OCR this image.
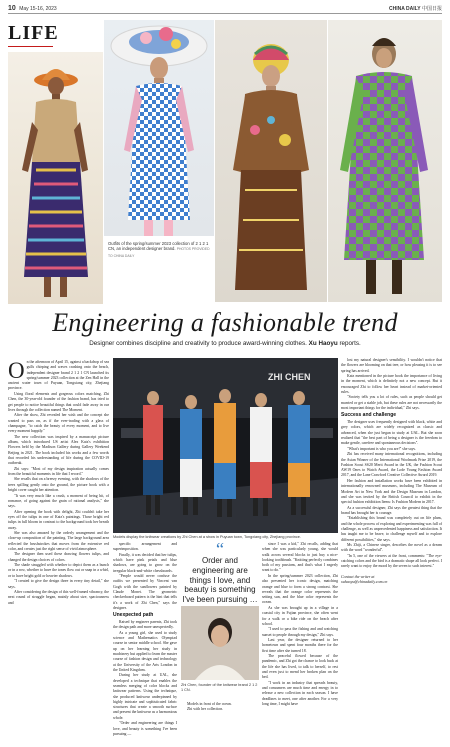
10 May 15-16, 2023	CHINA DAILY 中国日报
LIFE
Outfits of the spring/summer 2023 collection of 2 1 2 1 CN, an independent designer brand. PHOTOS PROVIDED TO CHINA DAILY
Engineering a fashionable trend
Designer combines discipline and creativity to produce award-winning clothes. Xu Haoyu reports.

On the afternoon of April 15, against a backdrop of sea gulls chirping and waves crashing onto the beach, independent designer brand 2 1 2 1 CN launched its spring/summer 2023 collection at the Zen Hall in the ancient water town of Puyuan, Tongxiang city, Zhejiang province.

Using floral elements and gorgeous colors matching, Zhi Chen, the 30-year-old founder of the fashion brand, has tried to get people to notice beautiful things that could fade away in our lives through the collection named The Moment.

After the show, Zhi revealed her wish and the concept she wanted to pass on, as if the ever-trading with a glass of champagne, "to catch the beauty of every moment, and to live every moment happily."

The new collection was inspired by a manuscript picture album, which introduced US artist Alex Katz's exhibition Flowers held by the Madison Gallery during Gallery Weekend Beijing in 2021. The book included his works and a few words that recorded his understanding of life during the COVID-19 outbreak.

Zhi says: "Most of my design inspiration actually comes from the beautiful moments in life that I record."

She recalls that on a breezy evening, with the shadows of the trees spilling gently onto the ground, the picture book with a bright cover caught her attention.

"It was very much like a crush, a moment of being hit, of romance, of going against the grain of rational analysis," she says.

After opening the book with delight, Zhi couldn't take her eyes off the tulips in one of Katz's paintings. Those bright red tulips in full bloom in contrast to the background took her breath away.

She was also amazed by the orderly arrangement and the close-up composition of the painting. The large background area reflected the brushstrokes that moves from the extensive red color, and creates just the right sense of vivid atmosphere.

The designer then used these drawing flowers tulips, and changed the design choices of colors.

The shade struggled with whether to depict them as a bunch or in a row, whether to have the tones flow out or snap in a whirl, or to have bright gold or heavier shadows.

"I created to give the design three in every tiny detail," she says.

After considering the design of this well-framed vibrancy, the next round of struggle began, mainly about size, spaciousness and

ZHI CHEN
Models display the knitwear creations by Zhi Chen at a show in Puyuan town, Tongxiang city, Zhejiang province.

specific arrangement and superimposition.

Finally, it was decided that her tulips, which have pink petals and blue shadows, are going to grow on the irregular black-and-white chessboards.

"People would never confuse the outfits we presented by Vincent van Gogh with the sunflowers painted by Claude Monet. The geometric checkerboard pattern is the hint that tells it's a work of Zhi Chen," says the designer.

Unexpected path

Raised by engineer parents, Zhi took the design path and more unexpectedly.

As a young girl, she used to study science and Mathematics Olympiad course in senior middle school. She gave up on her learning her study in machinery but applied to learn the master course of fashion design and technology at the University of the Arts London in the United Kingdom.

During her study at UAL, she developed a technique that enables the seamless merging of color blocks and knitwear patterns. Using the technique, she produced knitwear underpinned by highly intricate and sophisticated fabric structures that create a smooth surface and present the knitwear as a harmonious whole.

"Order and engineering are things I love, and beauty is something I've been pursuing —

“
Order and engineering are things I love, and beauty is something I've been pursuing …
Zhi Chen, founder of the knitwear brand 2 1 2 1 CN.

Models in front of the ocean.

Zhi with her collection.

since I was a kid," Zhi recalls, adding that when she was particularly young, she would walk across several blocks to just buy a nice-looking toothbrush. "Knitting perfectly combines both of my passions, and that's what I eagerly want to do."

In the spring/summer 2023 collection, Zhi also presented her iconic design, matching orange and blue to form a strong contrast. She reveals that the orange color represents the setting sun, and the blue color represents the ocean.

As she was brought up in a village in a coastal city in Fujian province, she often went for a walk or a bike ride on the beach after school.

"I used to pass the fishing and and watching sunset to people through my design," Zhi says.

Last year, the designer returned to her hometown and spent four months there for the first time after she turned 18.

The peaceful flowed because of the pandemic, and Zhi got the chance to look back at the life she has lived, to talk to herself, to rest and even just to mend her broken plan on the bed.

"I work in an industry that spreads beauty, and consumers are much time and energy in to release a new collection in each season. I have deadlines to meet, one after another. For a very long time, I might have

lost my natural designer's sensibility. I wouldn't notice that the flowers are blooming on that tree, or how pleasing it is to see spring has arrived.

Katz mentioned in the picture book the importance of living in the moment, which is definitely not a new concept. But it encouraged Zhi to follow her heart instead of market-oriented rules.

"Society tells you a lot of rules, such as people should get married or get a stable job, but these rules are not necessarily the most important things for the individual," Zhi says.

Success and challenge

The designer uses frequently designed with black, white and grey colors, which are widely recognized as classic and advanced, when she just began to study at UAL. But she soon realized that "the best part of being a designer is the freedom to make gentle, carefree and spontaneous decisions".

"What's important is who you are!" she says.

Zhi has received many international recognitions, including the Asian Winner of the International Woolmark Prize 2019, the Fashion Scout SS20 Merit Award in the UK, the Fashion Scout AW19 Ones to Watch Award, the Lode Young Fashion Award 2017, and the Lane Crawford Creative Collective Award 2019.

Her fashion and installation works have been exhibited in internationally renowned museums, including The Museum of Modern Art in New York and the Design Museum in London, and she was invited by the British Council to exhibit in the special fashion exhibition Items: Is Fashion Modern in 2017.

As a successful designer, Zhi says the greatest thing that the brand has brought her is courage.

"Establishing this brand was completely out on life plans, and the whole process of exploring and experimenting was full of challenge, as well as unprecedented happiness and satisfaction. It has taught me to be brave, to challenge myself and to explore different possibilities," she says.

Ms Zhiji, a Chinese singer, describes the novel as a dream with the word "wonderful".

"In 5, one of the viewers at the front, comments: "The eye-catching colors and the bird is a dramatic shape all look perfect. I rarely want to enjoy the mood by the seven to such interest."

Contact the writer at
xuhaoyu@chinadaily.com.cn
